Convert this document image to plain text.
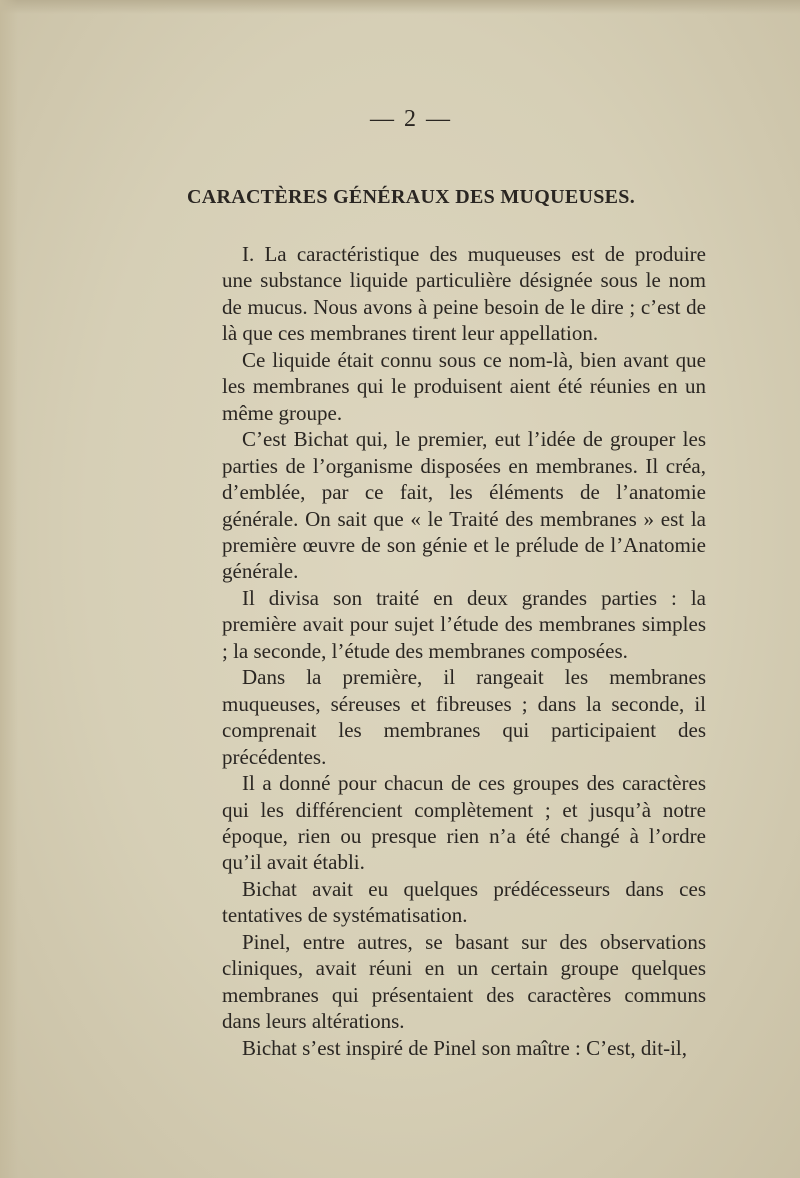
— 2 —
CARACTÈRES GÉNÉRAUX DES MUQUEUSES.

I. La caractéristique des muqueuses est de produire une substance liquide particulière désignée sous le nom de mucus. Nous avons à peine besoin de le dire ; c’est de là que ces membranes tirent leur appellation.

Ce liquide était connu sous ce nom-là, bien avant que les membranes qui le produisent aient été réunies en un même groupe.

C’est Bichat qui, le premier, eut l’idée de grouper les parties de l’organisme disposées en membranes. Il créa, d’emblée, par ce fait, les éléments de l’anatomie générale. On sait que « le Traité des membranes » est la première œuvre de son génie et le prélude de l’Anatomie générale.

Il divisa son traité en deux grandes parties : la première avait pour sujet l’étude des membranes simples ; la seconde, l’étude des membranes composées.

Dans la première, il rangeait les membranes muqueuses, séreuses et fibreuses ; dans la seconde, il comprenait les membranes qui participaient des précédentes.

Il a donné pour chacun de ces groupes des caractères qui les différencient complètement ; et jusqu’à notre époque, rien ou presque rien n’a été changé à l’ordre qu’il avait établi.

Bichat avait eu quelques prédécesseurs dans ces tentatives de systématisation.

Pinel, entre autres, se basant sur des observations cliniques, avait réuni en un certain groupe quelques membranes qui présentaient des caractères communs dans leurs altérations.

Bichat s’est inspiré de Pinel son maître : C’est, dit-il,
